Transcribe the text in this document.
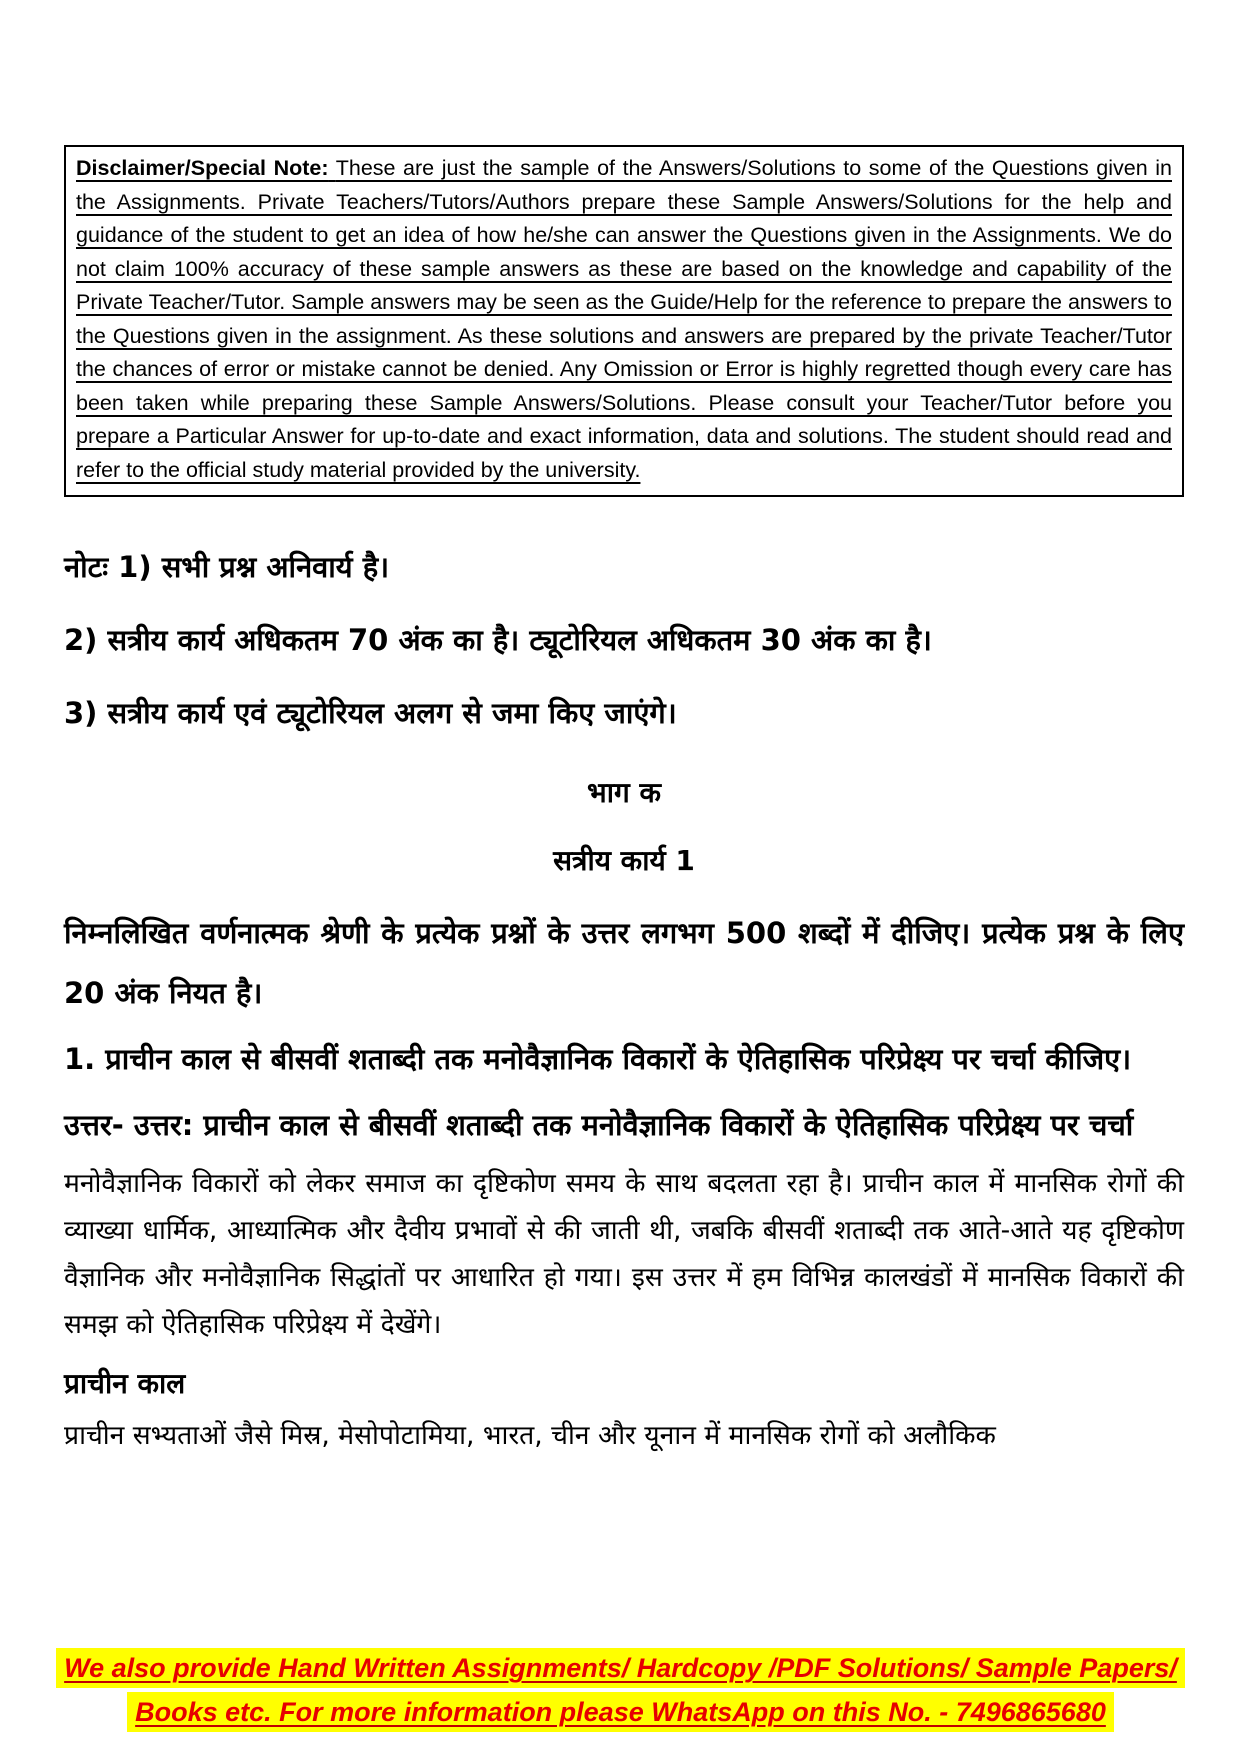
Disclaimer/Special Note: These are just the sample of the Answers/Solutions to some of the Questions given in the Assignments. Private Teachers/Tutors/Authors prepare these Sample Answers/Solutions for the help and guidance of the student to get an idea of how he/she can answer the Questions given in the Assignments. We do not claim 100% accuracy of these sample answers as these are based on the knowledge and capability of the Private Teacher/Tutor. Sample answers may be seen as the Guide/Help for the reference to prepare the answers to the Questions given in the assignment. As these solutions and answers are prepared by the private Teacher/Tutor the chances of error or mistake cannot be denied. Any Omission or Error is highly regretted though every care has been taken while preparing these Sample Answers/Solutions. Please consult your Teacher/Tutor before you prepare a Particular Answer for up-to-date and exact information, data and solutions. The student should read and refer to the official study material provided by the university.

नोटः 1) सभी प्रश्न अनिवार्य है।

2) सत्रीय कार्य अधिकतम 70 अंक का है। ट्यूटोरियल अधिकतम 30 अंक का है।

3) सत्रीय कार्य एवं ट्यूटोरियल अलग से जमा किए जाएंगे।

भाग क
सत्रीय कार्य 1

निम्नलिखित वर्णनात्मक श्रेणी के प्रत्येक प्रश्नों के उत्तर लगभग 500 शब्दों में दीजिए। प्रत्येक प्रश्न के लिए 20 अंक नियत है।

1. प्राचीन काल से बीसवीं शताब्दी तक मनोवैज्ञानिक विकारों के ऐतिहासिक परिप्रेक्ष्य पर चर्चा कीजिए।

उत्तर- उत्तर: प्राचीन काल से बीसवीं शताब्दी तक मनोवैज्ञानिक विकारों के ऐतिहासिक परिप्रेक्ष्य पर चर्चा

मनोवैज्ञानिक विकारों को लेकर समाज का दृष्टिकोण समय के साथ बदलता रहा है। प्राचीन काल में मानसिक रोगों की व्याख्या धार्मिक, आध्यात्मिक और दैवीय प्रभावों से की जाती थी, जबकि बीसवीं शताब्दी तक आते-आते यह दृष्टिकोण वैज्ञानिक और मनोवैज्ञानिक सिद्धांतों पर आधारित हो गया। इस उत्तर में हम विभिन्न कालखंडों में मानसिक विकारों की समझ को ऐतिहासिक परिप्रेक्ष्य में देखेंगे।

प्राचीन काल

प्राचीन सभ्यताओं जैसे मिस्र, मेसोपोटामिया, भारत, चीन और यूनान में मानसिक रोगों को अलौकिक

We also provide Hand Written Assignments/ Hardcopy /PDF Solutions/ Sample Papers/
Books etc. For more information please WhatsApp on this No. - 7496865680
